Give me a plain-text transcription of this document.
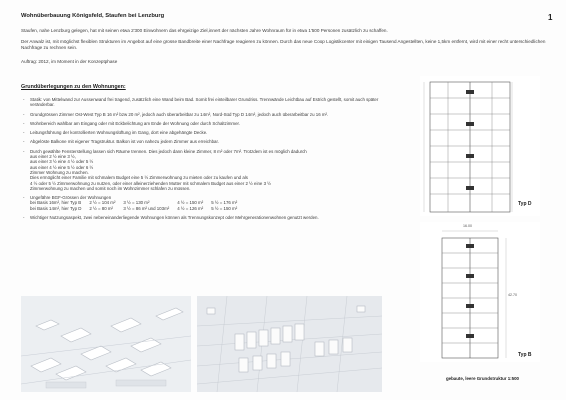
Wohnüberbauung Königsfeld, Staufen bei Lenzburg	1
Staufen, nahe Lenzburg gelegen, hat mit seinen etwa 2'300 Einwohnern das ehrgeizige Ziel,innert der nächsten Jahre Wohnraum für in etwa 1'500 Personen zusätzlich zu schaffen.
Der Anwalz ist, mit möglichst flexiblen Strukturen im Angebot auf eine grosse Bandbreite einer Nachfrage reagieren zu können. Durch das neue Coop Logistikcenter mit einigen Tausend Angestellten, keine 1,5km entfernt, wird mit einer recht unterschiedlichen Nachfrage zu rechnen sein.
Auftrag: 2012, im Moment in der Konzeptphase
Grundüberlegungen zu den Wohnungen:
- Statik: von Mittelwand zur Aussenwand frei tragend, zusätzlich eine Wand beim Bad. Somit frei einteilbarer Grundriss. Trennwände Leichtbau auf Estrich gestellt, somit auch später veränderbar.
- Grundgrössen Zimmer Ost-West Typ B 16 m² bzw 20 m², jedoch auch überarbeitbar zu 14m², Nord-Süd Typ D 14m², jedoch auch überarbeitbar zu 16 m².
- Wohnbereich wahlbar am Eingang oder mit Eckbelichtung am Ende der Wohnung oder durch Schaltzimmer.
- Leitungsführung der kontrollierten Wohnungslüftung im Gang, dort eine abgehängte Decke.
- Abgelöste Balkone mit eigener Tragstruktur. Balkon ist von nahezu jedem Zimmer aus erreichbar.
- Durch gewählte Fensterstellung lassen sich Räume trennen. Dies jedoch dann kleine Zimmer, 8 m² oder 7m². Trotzdem ist es möglich dadurch
aus einer 2 ½ eine 3 ½,
aus einer 3 ½ eine 4 ½ oder 5 ½
aus einer 4 ½ eine 5 ½ oder 6 ½
Zimmer Wohnung zu machen.
Dies ermöglicht einer Familie mit schmalem Budget eine 5 ½ Zimmerwohnung zu mieten oder zu kaufen und als
4 ½ oder 5 ½ Zimmerwohnung zu nutzen, oder einer alleinerziehenden Mutter mit schmalem Budget aus einer 2 ½ eine 3 ½
Zimmerwohnung zu machen und somit noch im Wohnzimmer schlafen zu müssen.
- Ungefähre BGF-Grössen der Wohnungen
bei Basis 16m², hier Typ B	2 ½ = 104 m²	3 ½ = 130 m²	4 ½ = 150 m²	5 ½ = 176 m²
bei Basis 14m², hier Typ D	2 ½ = 80 m²	3 ½ = 86 m² und 103m²	4 ½ = 126 m²	5 ½ = 150 m²
- Wichtiger Nutzungsaspekt, zwei nebeneinanderliegende Wohnungen können als Trennungskonzept oder Mehrgenerationenwohnen genutzt werden.
Typ D
16.00
42.70
Typ B
gebaute, leere Grundstruktur 1:500
